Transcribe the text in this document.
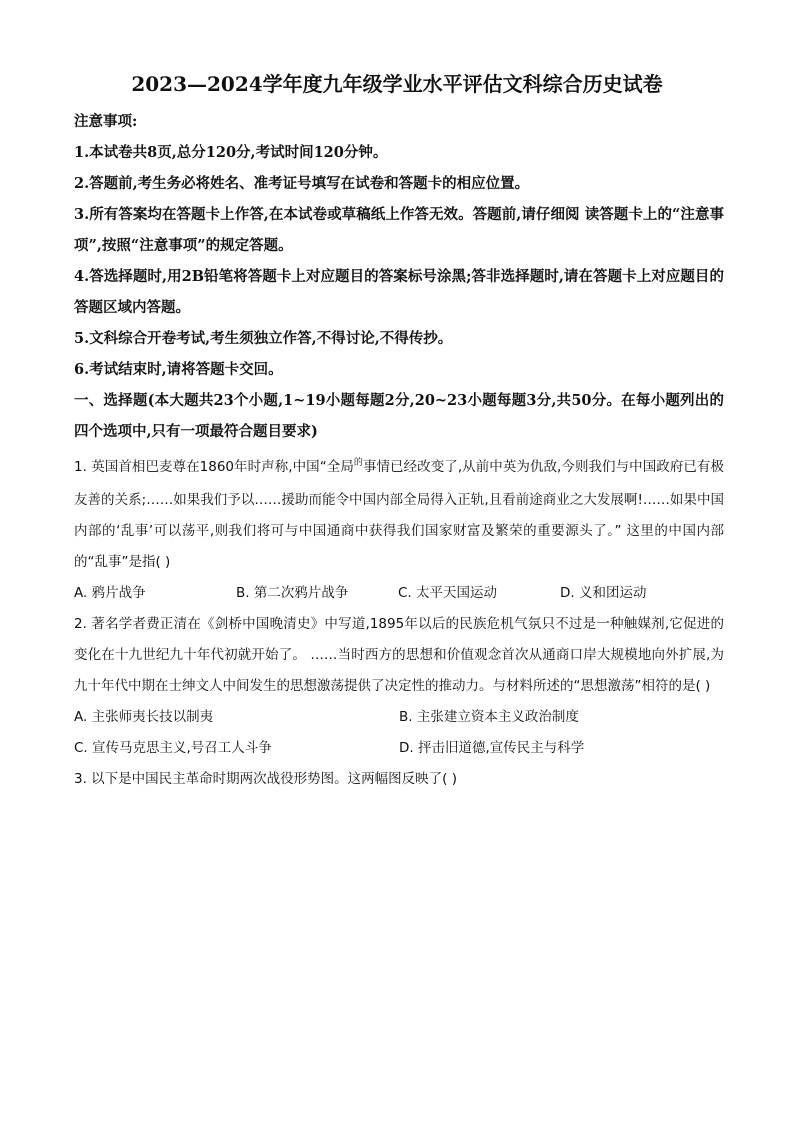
2023—2024学年度九年级学业水平评估文科综合历史试卷

注意事项:

1.本试卷共8页,总分120分,考试时间120分钟。

2.答题前,考生务必将姓名、准考证号填写在试卷和答题卡的相应位置。

3.所有答案均在答题卡上作答,在本试卷或草稿纸上作答无效。答题前,请仔细阅 读答题卡上的“注意事项”,按照“注意事项”的规定答题。

4.答选择题时,用2B铅笔将答题卡上对应题目的答案标号涂黑;答非选择题时,请在答题卡上对应题目的答题区域内答题。

5.文科综合开卷考试,考生须独立作答,不得讨论,不得传抄。

6.考试结束时,请将答题卡交回。

一、选择题(本大题共23个小题,1~19小题每题2分,20~23小题每题3分,共50分。在每小题列出的四个选项中,只有一项最符合题目要求)

1. 英国首相巴麦尊在1860年时声称,中国“全局$^的$事情已经改变了,从前中英为仇敌,今则我们与中国政府已有极友善的关系;……如果我们予以……援助而能令中国内部全局得入正轨,且看前途商业之大发展啊!……如果中国内部的‘乱事’可以荡平,则我们将可与中国通商中获得我们国家财富及繁荣的重要源头了。” 这里的中国内部的“乱事”是指( )

A. 鸦片战争	B. 第二次鸦片战争	C. 太平天国运动	D. 义和团运动

2. 著名学者费正清在《剑桥中国晚清史》中写道,1895年以后的民族危机气氛只不过是一种触媒剂,它促进的变化在十九世纪九十年代初就开始了。 ……当时西方的思想和价值观念首次从通商口岸大规模地向外扩展,为九十年代中期在士绅文人中间发生的思想激荡提供了决定性的推动力。与材料所述的“思想激荡”相符的是( )

A. 主张师夷长技以制夷	B. 主张建立资本主义政治制度
C. 宣传马克思主义,号召工人斗争	D. 抨击旧道德,宣传民主与科学

3. 以下是中国民主革命时期两次战役形势图。这两幅图反映了( )
